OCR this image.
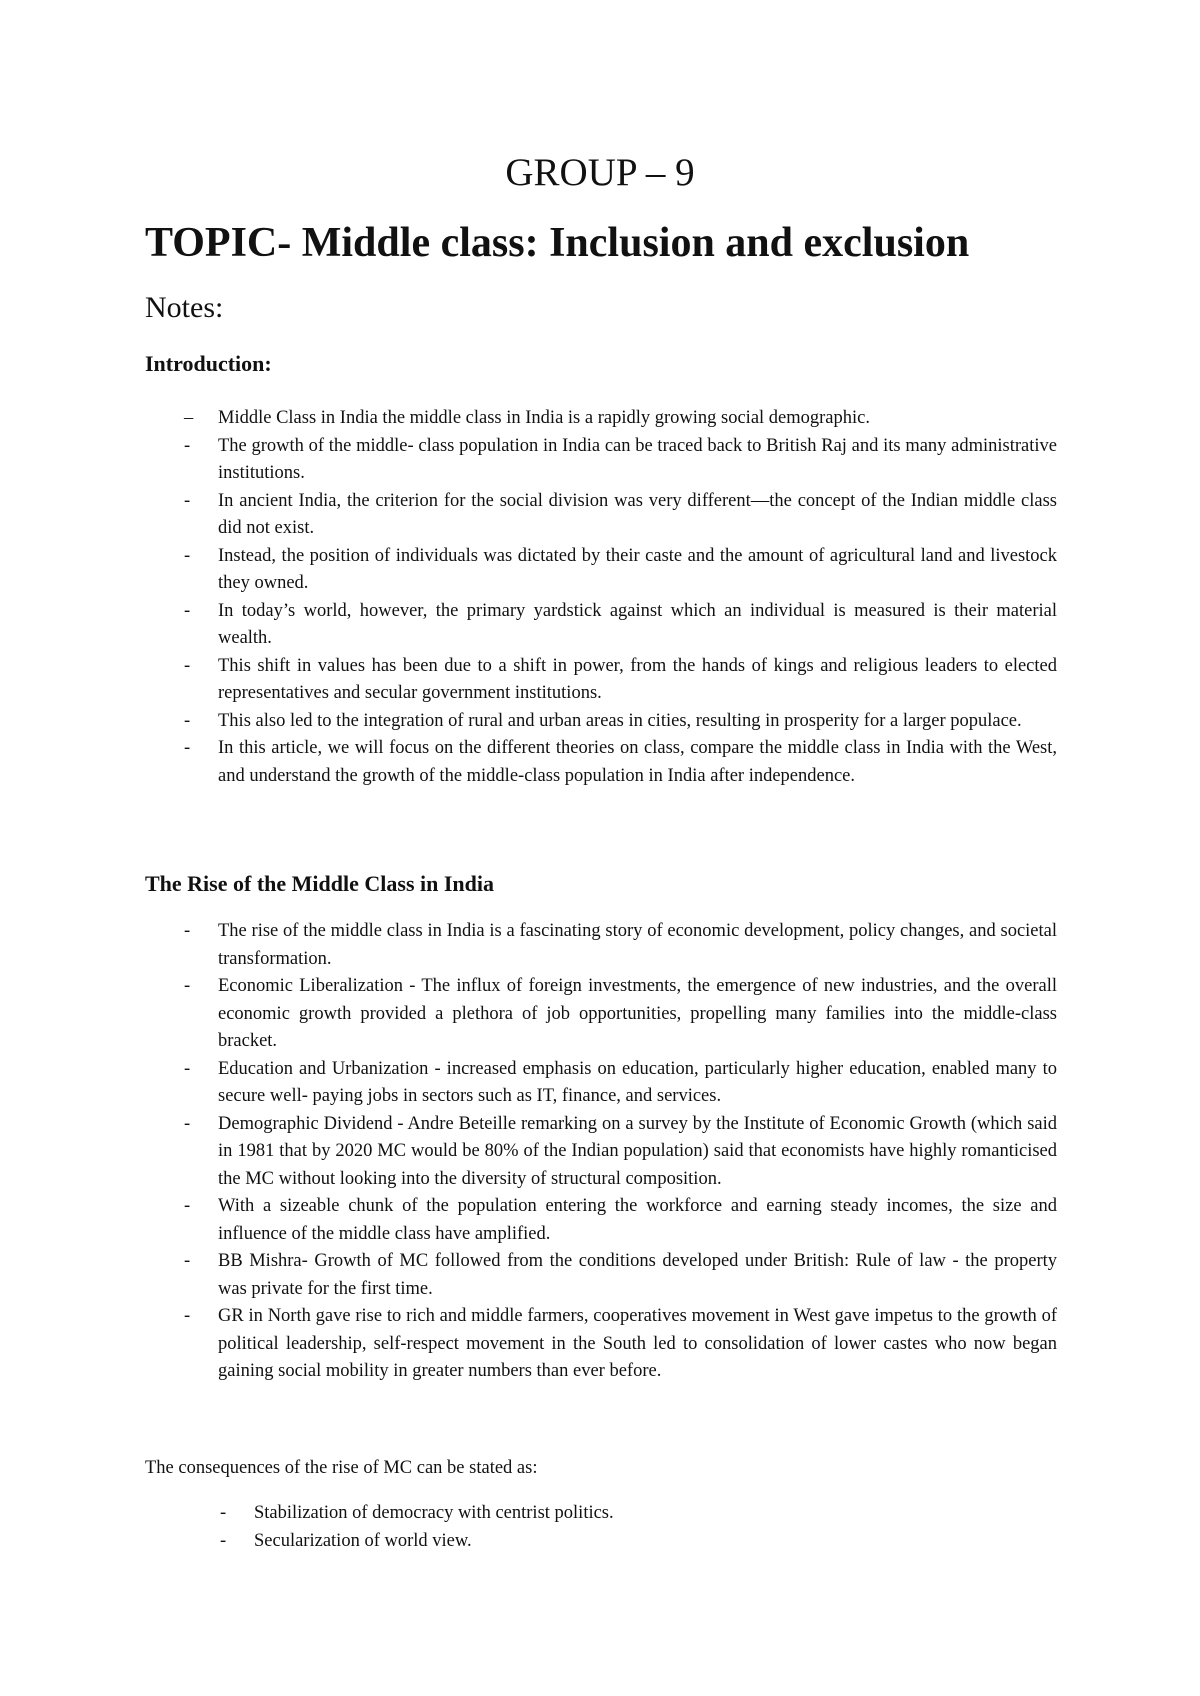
GROUP – 9
TOPIC- Middle class: Inclusion and exclusion
Notes:
Introduction:
– Middle Class in India the middle class in India is a rapidly growing social demographic.
- The growth of the middle- class population in India can be traced back to British Raj and its many administrative institutions.
- In ancient India, the criterion for the social division was very different—the concept of the Indian middle class did not exist.
- Instead, the position of individuals was dictated by their caste and the amount of agricultural land and livestock they owned.
- In today’s world, however, the primary yardstick against which an individual is measured is their material wealth.
- This shift in values has been due to a shift in power, from the hands of kings and religious leaders to elected representatives and secular government institutions.
- This also led to the integration of rural and urban areas in cities, resulting in prosperity for a larger populace.
- In this article, we will focus on the different theories on class, compare the middle class in India with the West, and understand the growth of the middle-class population in India after independence.
The Rise of the Middle Class in India
- The rise of the middle class in India is a fascinating story of economic development, policy changes, and societal transformation.
- Economic Liberalization - The influx of foreign investments, the emergence of new industries, and the overall economic growth provided a plethora of job opportunities, propelling many families into the middle-class bracket.
- Education and Urbanization - increased emphasis on education, particularly higher education, enabled many to secure well- paying jobs in sectors such as IT, finance, and services.
- Demographic Dividend - Andre Beteille remarking on a survey by the Institute of Economic Growth (which said in 1981 that by 2020 MC would be 80% of the Indian population) said that economists have highly romanticised the MC without looking into the diversity of structural composition.
- With a sizeable chunk of the population entering the workforce and earning steady incomes, the size and influence of the middle class have amplified.
- BB Mishra- Growth of MC followed from the conditions developed under British: Rule of law - the property was private for the first time.
- GR in North gave rise to rich and middle farmers, cooperatives movement in West gave impetus to the growth of political leadership, self-respect movement in the South led to consolidation of lower castes who now began gaining social mobility in greater numbers than ever before.

The consequences of the rise of MC can be stated as:

- Stabilization of democracy with centrist politics.
- Secularization of world view.
